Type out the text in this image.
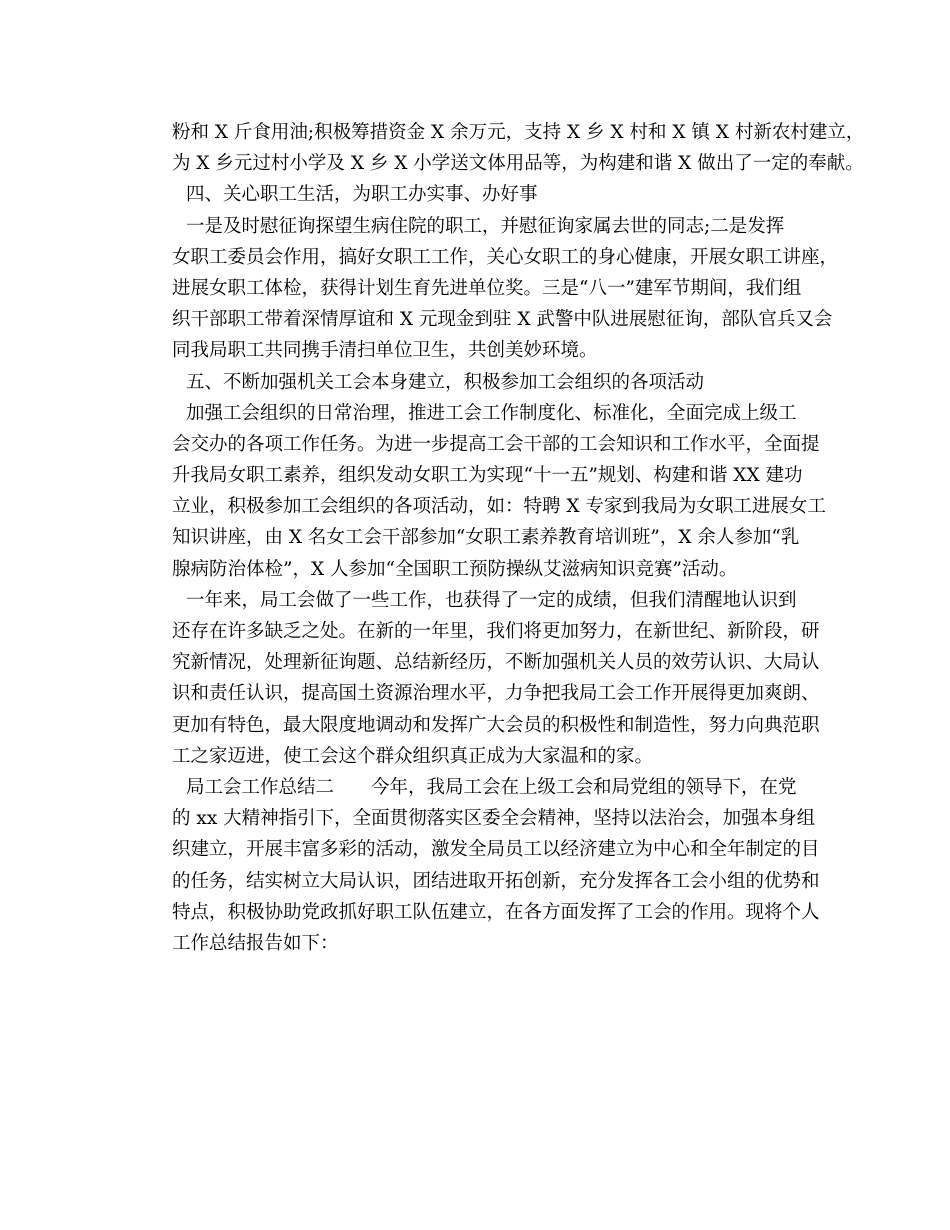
粉和 X 斤食用油;积极筹措资金 X 余万元，支持 X 乡 X 村和 X 镇 X 村新农村建立，
为 X 乡元过村小学及 X 乡 X 小学送文体用品等，为构建和谐 X 做出了一定的奉献。
四、关心职工生活，为职工办实事、办好事
一是及时慰征询探望生病住院的职工，并慰征询家属去世的同志;二是发挥
女职工委员会作用，搞好女职工工作，关心女职工的身心健康，开展女职工讲座，
进展女职工体检，获得计划生育先进单位奖。三是“八一”建军节期间，我们组
织干部职工带着深情厚谊和 X 元现金到驻 X 武警中队进展慰征询，部队官兵又会
同我局职工共同携手清扫单位卫生，共创美妙环境。
五、不断加强机关工会本身建立，积极参加工会组织的各项活动
加强工会组织的日常治理，推进工会工作制度化、标准化，全面完成上级工
会交办的各项工作任务。为进一步提高工会干部的工会知识和工作水平，全面提
升我局女职工素养，组织发动女职工为实现“十一五”规划、构建和谐 XX 建功
立业，积极参加工会组织的各项活动，如：特聘 X 专家到我局为女职工进展女工
知识讲座，由 X 名女工会干部参加“女职工素养教育培训班”，X 余人参加“乳
腺病防治体检”，X 人参加“全国职工预防操纵艾滋病知识竞赛”活动。
一年来，局工会做了一些工作，也获得了一定的成绩，但我们清醒地认识到
还存在许多缺乏之处。在新的一年里，我们将更加努力，在新世纪、新阶段，研
究新情况，处理新征询题、总结新经历，不断加强机关人员的效劳认识、大局认
识和责任认识，提高国土资源治理水平，力争把我局工会工作开展得更加爽朗、
更加有特色，最大限度地调动和发挥广大会员的积极性和制造性，努力向典范职
工之家迈进，使工会这个群众组织真正成为大家温和的家。
局工会工作总结二　　今年，我局工会在上级工会和局党组的领导下，在党
的 xx 大精神指引下，全面贯彻落实区委全会精神，坚持以法治会，加强本身组
织建立，开展丰富多彩的活动，激发全局员工以经济建立为中心和全年制定的目
的任务，结实树立大局认识，团结进取开拓创新，充分发挥各工会小组的优势和
特点，积极协助党政抓好职工队伍建立，在各方面发挥了工会的作用。现将个人
工作总结报告如下：
